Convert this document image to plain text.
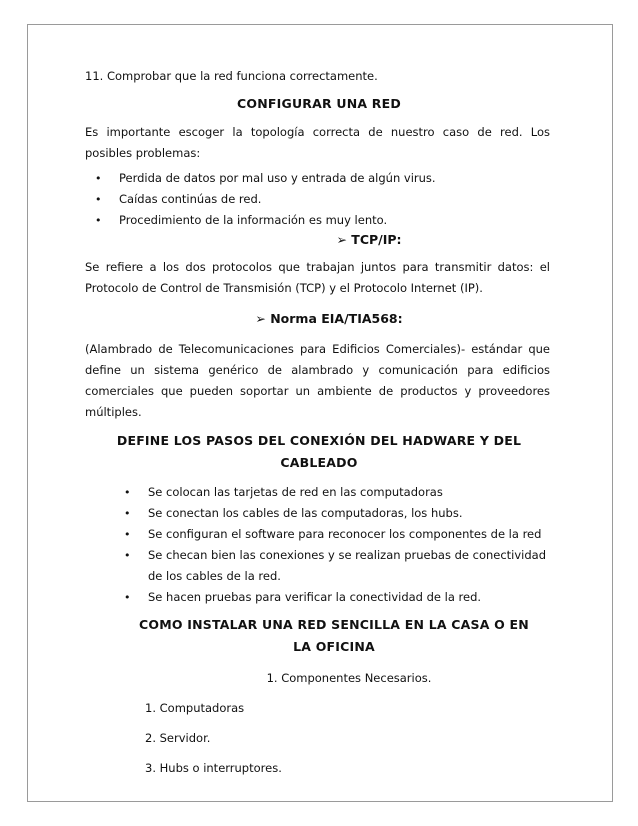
11. Comprobar que la red funciona correctamente.

CONFIGURAR UNA RED

Es importante escoger la topología correcta de nuestro caso de red. Los posibles problemas:

• Perdida de datos por mal uso y entrada de algún virus.
• Caídas continúas de red.
• Procedimiento de la información es muy lento.

➢ TCP/IP:

Se refiere a los dos protocolos que trabajan juntos para transmitir datos: el Protocolo de Control de Transmisión (TCP) y el Protocolo Internet (IP).

➢ Norma EIA/TIA568:

(Alambrado de Telecomunicaciones para Edificios Comerciales)- estándar que define un sistema genérico de alambrado y comunicación para edificios comerciales que pueden soportar un ambiente de productos y proveedores múltiples.

DEFINE LOS PASOS DEL CONEXIÓN DEL HADWARE Y DEL
CABLEADO
• Se colocan las tarjetas de red en las computadoras
• Se conectan los cables de las computadoras, los hubs.
• Se configuran el software para reconocer los componentes de la red
• Se checan bien las conexiones y se realizan pruebas de conectividad de los cables de la red.
• Se hacen pruebas para verificar la conectividad de la red.
COMO INSTALAR UNA RED SENCILLA EN LA CASA O EN
LA OFICINA

1. Componentes Necesarios.

1. Computadoras

2. Servidor.

3. Hubs o interruptores.
